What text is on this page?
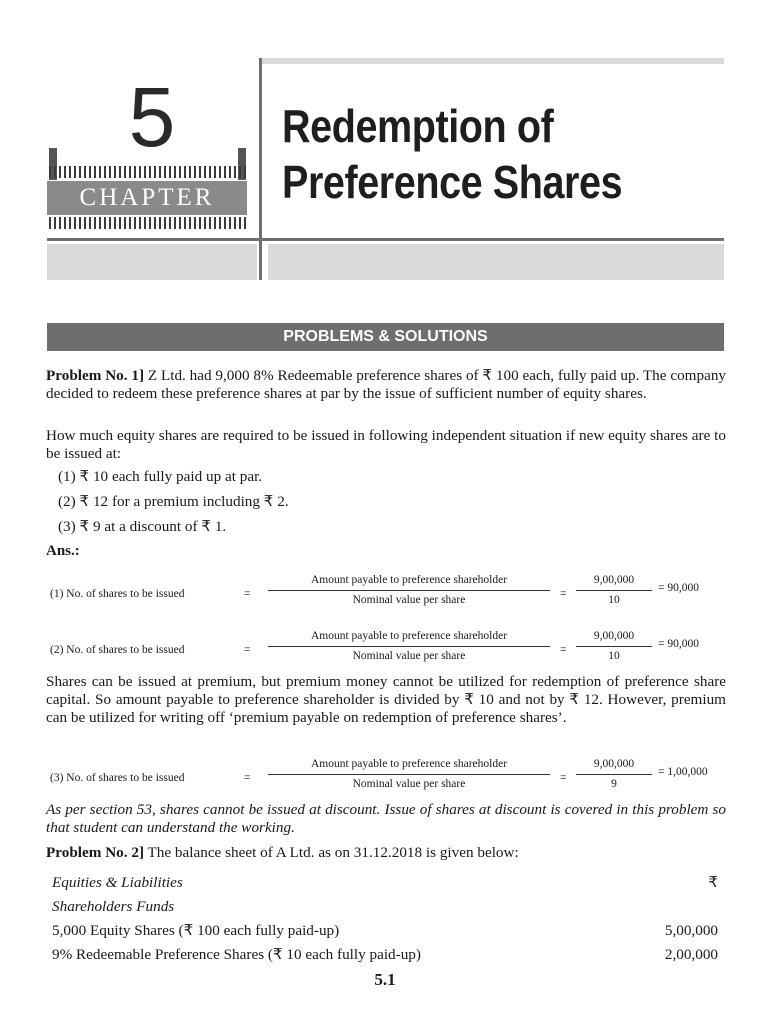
5
CHAPTER
Redemption of
Preference Shares
PROBLEMS & SOLUTIONS
Problem No. 1] Z Ltd. had 9,000 8% Redeemable preference shares of ₹ 100 each, fully paid up. The company decided to redeem these preference shares at par by the issue of sufficient number of equity shares.
How much equity shares are required to be issued in following independent situation if new equity shares are to be issued at:
(1) ₹ 10 each fully paid up at par.
(2) ₹ 12 for a premium including ₹ 2.
(3) ₹ 9 at a discount of ₹ 1.
Ans.:
(1) No. of shares to be issued	=
Amount payable to preference shareholder
Nominal value per share	=
9,00,000
10
= 90,000
(2) No. of shares to be issued	=
Amount payable to preference shareholder
Nominal value per share	=
9,00,000
10
= 90,000
Shares can be issued at premium, but premium money cannot be utilized for redemption of preference share capital. So amount payable to preference shareholder is divided by ₹ 10 and not by ₹ 12. However, premium can be utilized for writing off ‘premium payable on redemption of preference shares’.
(3) No. of shares to be issued	=
Amount payable to preference shareholder
Nominal value per share	=
9,00,000
9
= 1,00,000
As per section 53, shares cannot be issued at discount. Issue of shares at discount is covered in this problem so that student can understand the working.
Problem No. 2] The balance sheet of A Ltd. as on 31.12.2018 is given below:
Equities & Liabilities	₹
Shareholders Funds
5,000 Equity Shares (₹ 100 each fully paid-up)	5,00,000
9% Redeemable Preference Shares (₹ 10 each fully paid-up)	2,00,000
5.1
